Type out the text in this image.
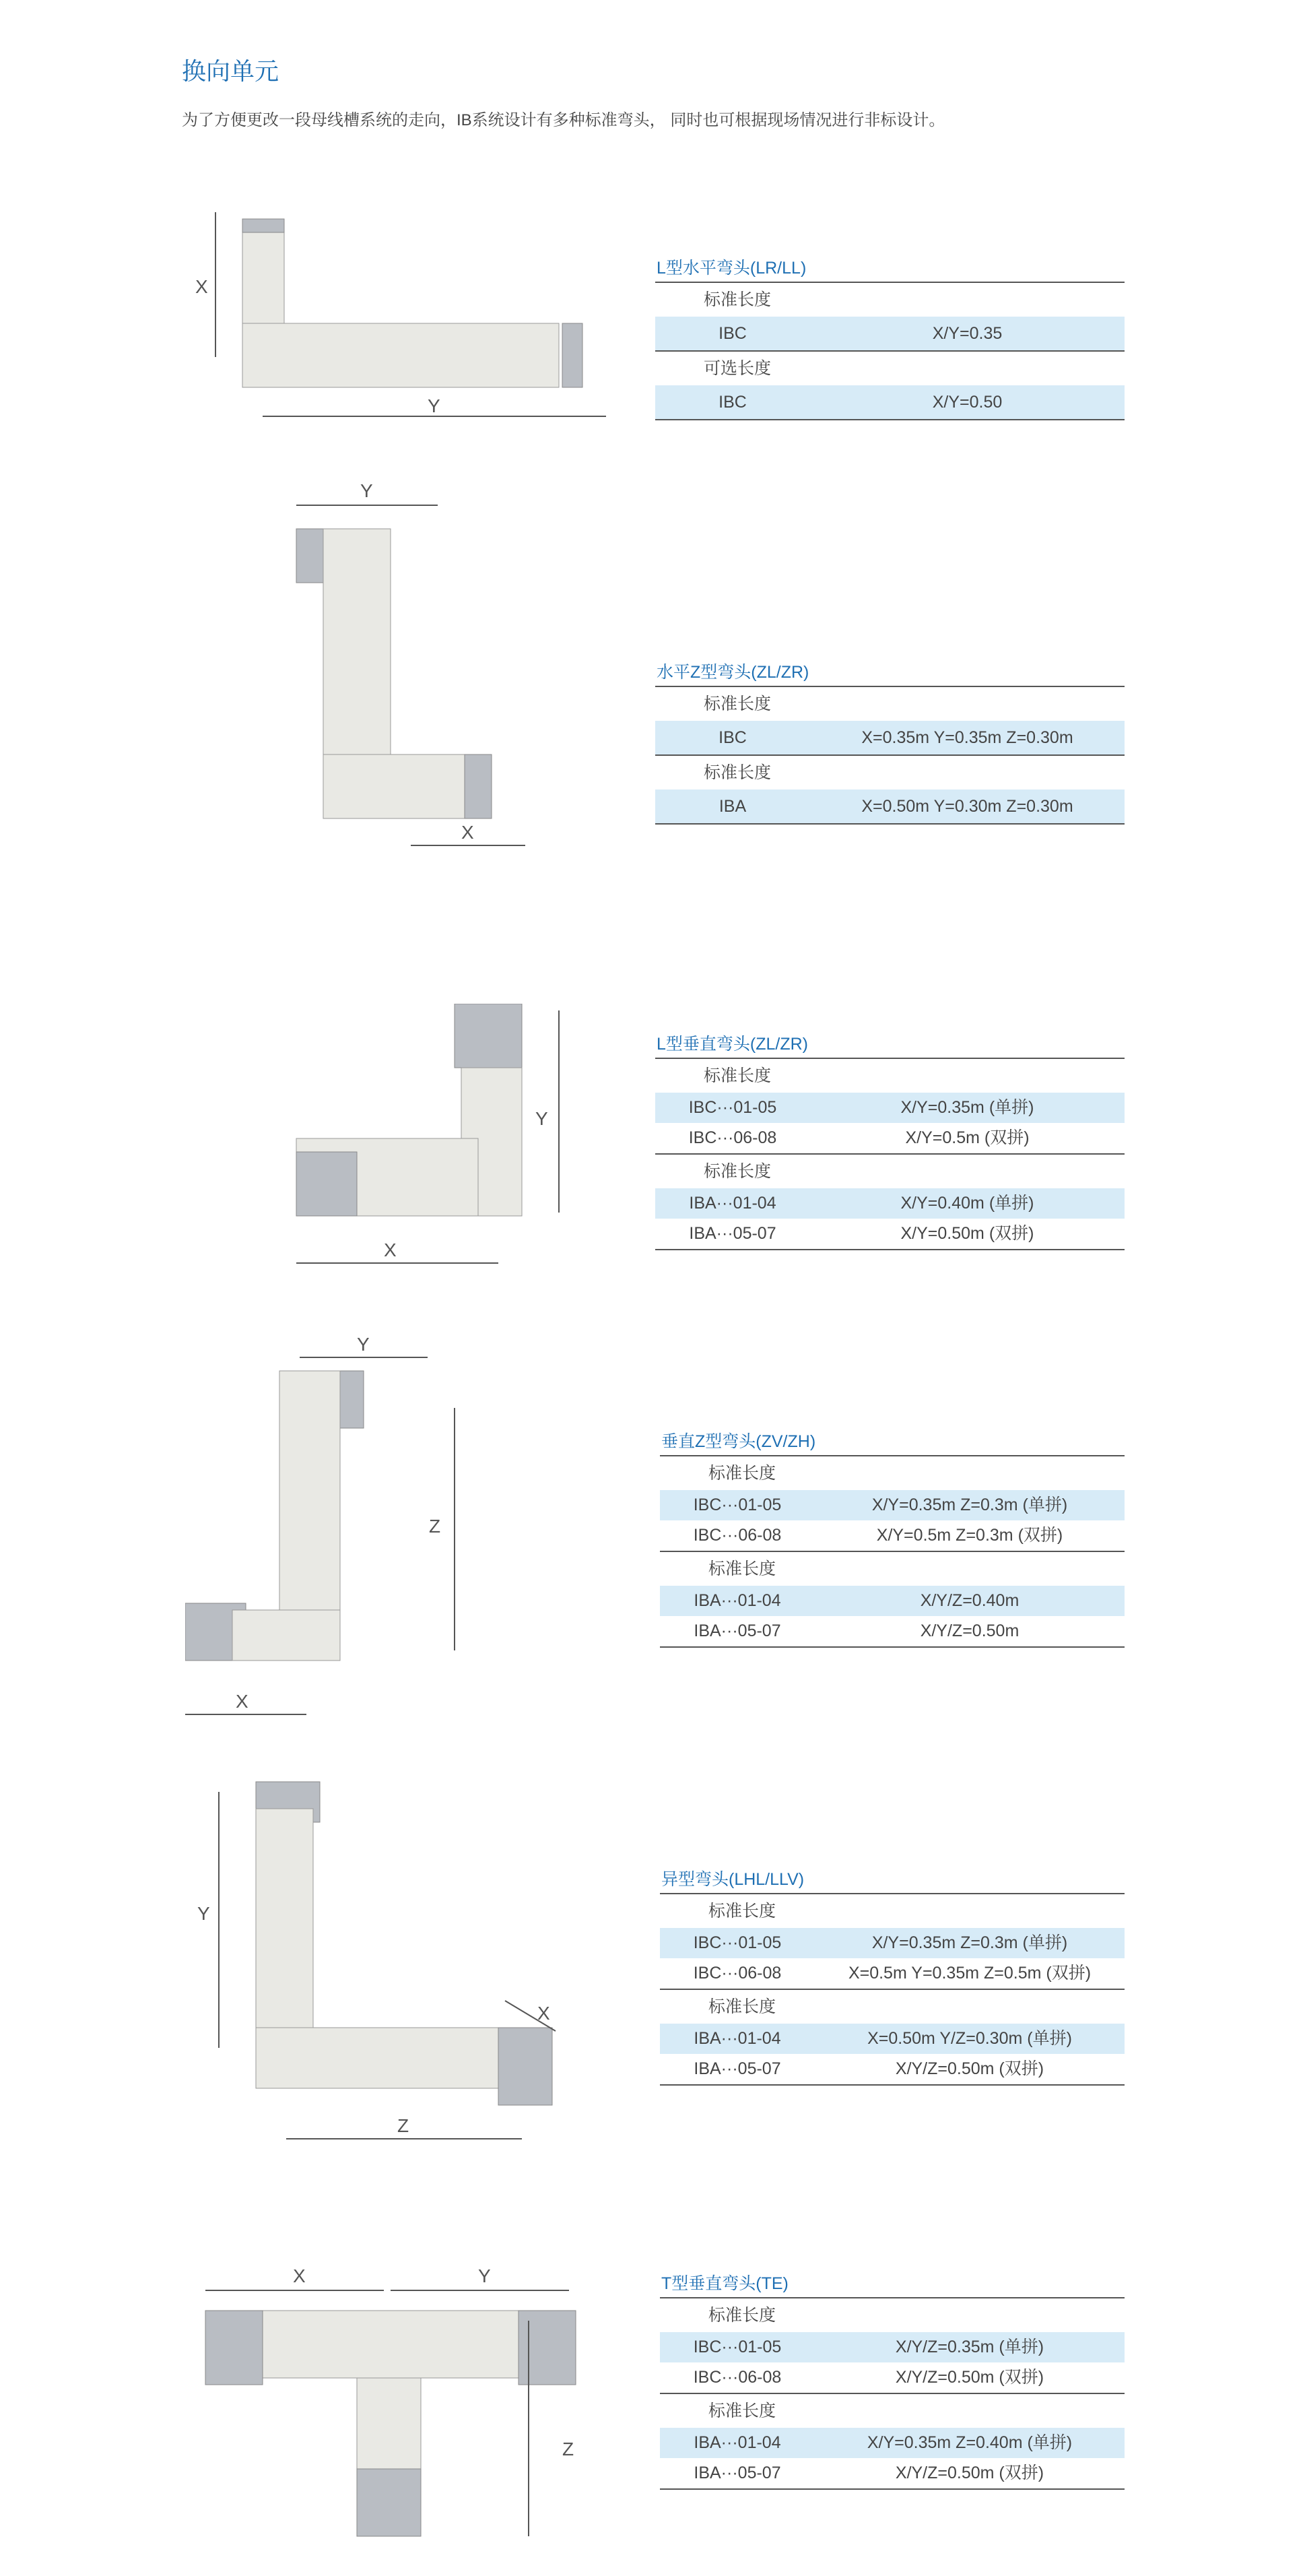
换向单元
为了方便更改一段母线槽系统的走向，IB系统设计有多种标准弯头， 同时也可根据现场情况进行非标设计。
X
Y
Y
X
Y
X
Y
Z
X
Y
X
Z
X	Y
Z
L型水平弯头(LR/LL)
标准长度
IBC	X/Y=0.35
可选长度
IBC	X/Y=0.50
水平Z型弯头(ZL/ZR)
标准长度
IBC	X=0.35m Y=0.35m Z=0.30m
标准长度
IBA	X=0.50m Y=0.30m Z=0.30m
L型垂直弯头(ZL/ZR)
标准长度
IBC···01-05	X/Y=0.35m (单拼)
IBC···06-08	X/Y=0.5m (双拼)
标准长度
IBA···01-04	X/Y=0.40m (单拼)
IBA···05-07	X/Y=0.50m (双拼)
垂直Z型弯头(ZV/ZH)
标准长度
IBC···01-05	X/Y=0.35m Z=0.3m (单拼)
IBC···06-08	X/Y=0.5m Z=0.3m (双拼)
标准长度
IBA···01-04	X/Y/Z=0.40m
IBA···05-07	X/Y/Z=0.50m
异型弯头(LHL/LLV)
标准长度
IBC···01-05	X/Y=0.35m Z=0.3m (单拼)
IBC···06-08	X=0.5m Y=0.35m Z=0.5m (双拼)
标准长度
IBA···01-04	X=0.50m Y/Z=0.30m (单拼)
IBA···05-07	X/Y/Z=0.50m (双拼)
T型垂直弯头(TE)
标准长度
IBC···01-05	X/Y/Z=0.35m (单拼)
IBC···06-08	X/Y/Z=0.50m (双拼)
标准长度
IBA···01-04	X/Y=0.35m Z=0.40m (单拼)
IBA···05-07	X/Y/Z=0.50m (双拼)
